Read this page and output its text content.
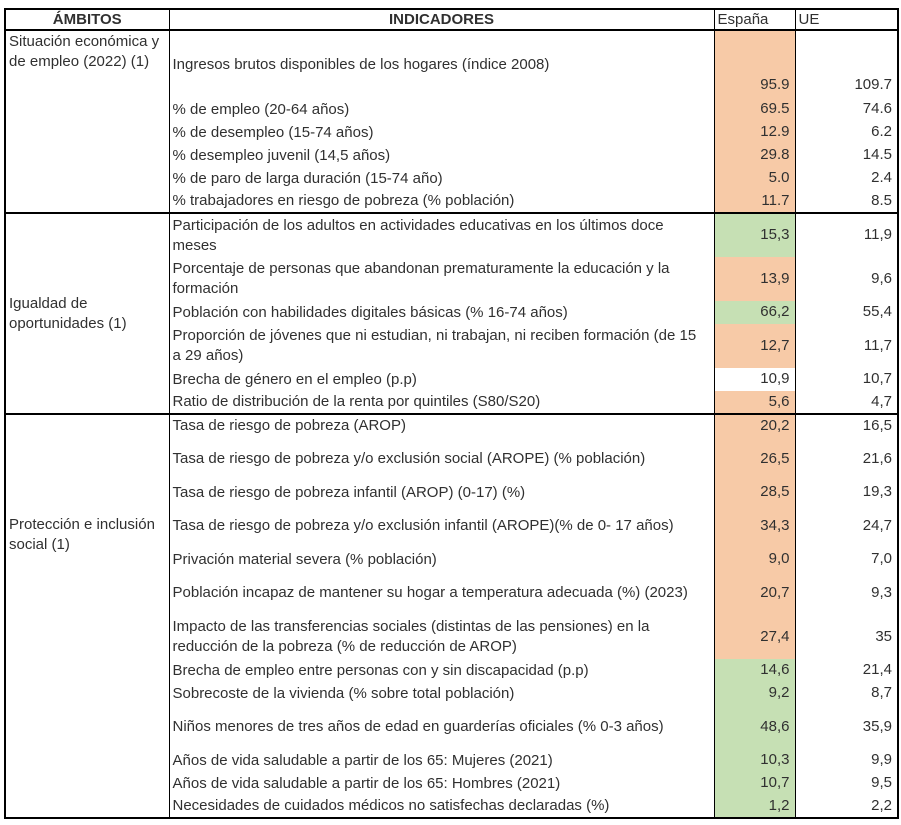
ÁMBITOS	INDICADORES	España	UE
Situación económica y de empleo (2022) (1)	Ingresos brutos disponibles de los hogares (índice 2008)	95.9	109.7
	% de empleo (20-64 años)	69.5	74.6
	% de desempleo (15-74 años)	12.9	6.2
	% desempleo juvenil (14,5 años)	29.8	14.5
	% de paro de larga duración (15-74 año)	5.0	2.4
	% trabajadores en riesgo de pobreza (% población)	11.7	8.5
Igualdad de oportunidades (1)	Participación de los adultos en actividades educativas en los últimos doce meses	15,3	11,9
	Porcentaje de personas que abandonan prematuramente la educación y la formación	13,9	9,6
	Población con habilidades digitales básicas (% 16-74 años)	66,2	55,4
	Proporción de jóvenes que ni estudian, ni trabajan, ni reciben formación (de 15 a 29 años)	12,7	11,7
	Brecha de género en el empleo (p.p)	10,9	10,7
	Ratio de distribución de la renta por quintiles (S80/S20)	5,6	4,7
Protección e inclusión social (1)	Tasa de riesgo de pobreza (AROP)	20,2	16,5
	Tasa de riesgo de pobreza y/o exclusión social (AROPE) (% población)	26,5	21,6
	Tasa de riesgo de pobreza infantil (AROP) (0-17) (%)	28,5	19,3
	Tasa de riesgo de pobreza y/o exclusión infantil (AROPE)(% de 0- 17 años)	34,3	24,7
	Privación material severa (% población)	9,0	7,0
	Población incapaz de mantener su hogar a temperatura adecuada (%) (2023)	20,7	9,3
	Impacto de las transferencias sociales (distintas de las pensiones) en la reducción de la pobreza (% de reducción de AROP)	27,4	35
	Brecha de empleo entre personas con y sin discapacidad (p.p)	14,6	21,4
	Sobrecoste de la vivienda (% sobre total población)	9,2	8,7
	Niños menores de tres años de edad en guarderías oficiales (% 0-3 años)	48,6	35,9
	Años de vida saludable a partir de los 65: Mujeres (2021)	10,3	9,9
	Años de vida saludable a partir de los 65: Hombres (2021)	10,7	9,5
	Necesidades de cuidados médicos no satisfechas declaradas (%)	1,2	2,2
